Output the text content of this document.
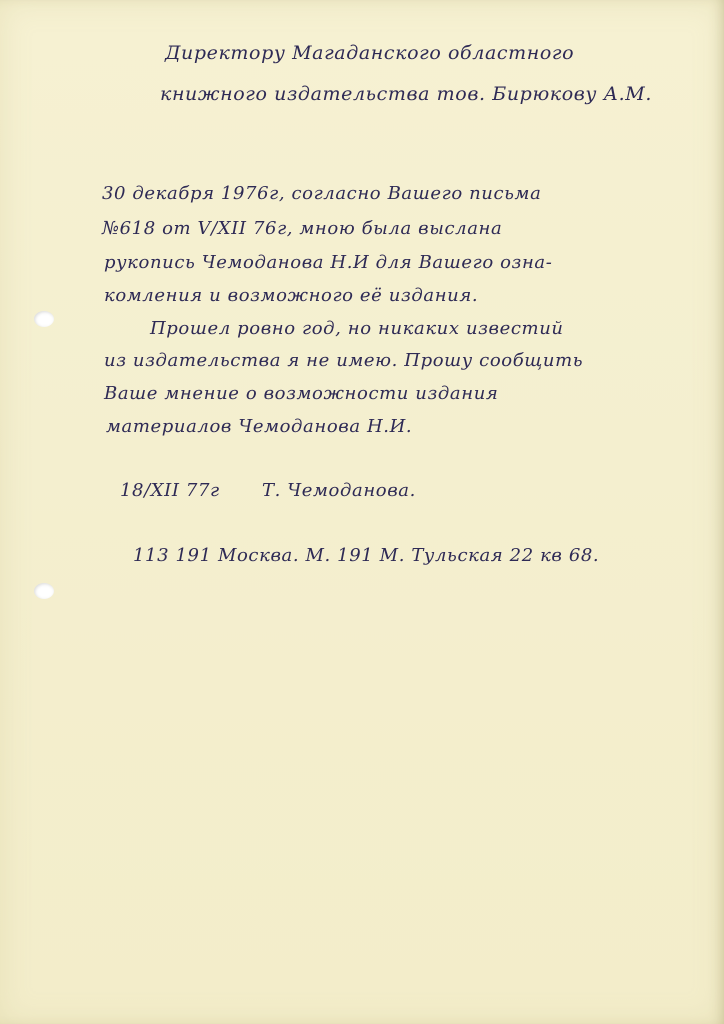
Директору Магаданского областного

книжного издательства тов. Бирюкову А.М.

30 декабря 1976г, согласно Вашего письма

№618 от V/XII 76г, мною была выслана

рукопись Чемоданова Н.И для Вашего озна-

комления и возможного её издания.

Прошел ровно год, но никаких известий

из издательства я не имею. Прошу сообщить

Ваше мнение о возможности издания

материалов Чемоданова Н.И.

18/XII 77г Т. Чемоданова.

113 191 Москва. М. 191 М. Тульская 22 кв 68.
